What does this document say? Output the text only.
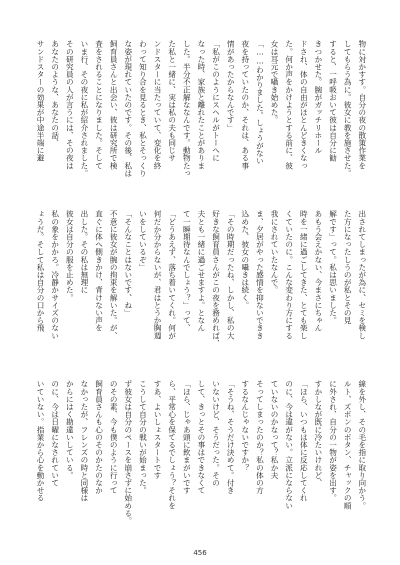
物に対かすす。自分の夜の散策作業を
してもらう為に。彼女に教を施させた。
すると、一呼吸おいて彼は自分に勧
きつかせた。腕がガッチリホール
ドされ、体の自由がほとんどきくなっ
た。何か声をかけようとする前に、彼
女は耳元で囁き始めた。
「……わかりました。しょうがない
夜を持っていたのか、それは、ある事
情があったからなんです」
「私がこのようにスヘルがトーへに
なった時、家族と離れたことがありま
した。半分不正解ななんです。動物たっ
た私と一緒に、実は私の夫も同じサ
ンドスターに当たっていて、変化を終
わって知り合を見るとき、私とそっくり
な姿が現れていたのです。その後、私は
飼育員さんと出会い、彼は研究所で検
査をされることになりました。そして
いま行、その夜に私が紹介されました。
その研究員の人が言うには、その夜は
あなたのような、あなたの話、
サンドスターの効果が中途半端に避
出されてしまったが為に、セミを検し
た方になったしうのが私とその見
解です」って。私は思いました。
あもう会えかない、今まさにちゃん
時を一緒に過ごしてきた、とても楽し
くていたのに。こんな変わり方にする
我にされていたなんで。
ま、夕居がやった感情を抑ないできき
込めた、彼女の囁きは続く。
「その時期だったね、しかし、私の大
好きな飼育員さんがこの夜を務めれば、
夫とも一緒に過ごせますよ。となん
て一瞬期待なんでしょう？」って、
「どうあえず、落ち着いてくれ。何が
何だか分からないが、君はとうか胸週
いをしているぞ」
「そんなことはないです、ね」
不意に彼女が腕の拘束を解いた。が、
直ぐに体へ側きかけ、背けない声を
出した。その私は無理に
彼女は自分の服を止めた。
私の象をかかろ。冷静かサイズのない
ょうだ。そして私は自分の口から飛
線を外し、その毛を指に取り向かう。
ルト、ズボンのボタン、チャックの順
に外され、自分の一物が姿を出す。
すかしなが既に冷たいけれど、
「ほら、いつもは体に反応してくれ
のに、今は違がない。立派にならない
ていないのかなって？私か夫
そってしまったのか？私の体の方
するなんじゃないですか？
「そうね、そうだけ決めて。付き
いないけど、そうだった。その
して、きっとその事はできなくて
「ほら、じゃあ頭に飲まがいです
ら、平常心を保てるでしょう？それを
すあ、よいしょスタートです
こうして自分の戦いが始まった。
ず彼女は自分のペースを崩さずに始める。
のその素、今も僕のように行って
飼育員さんも心のそのかたのなか
なかったが、フレンズの時と同様は
からにはく勘違いしている。
のに、今は日曜になされていて
いていない。指業から心を動かせる
456
